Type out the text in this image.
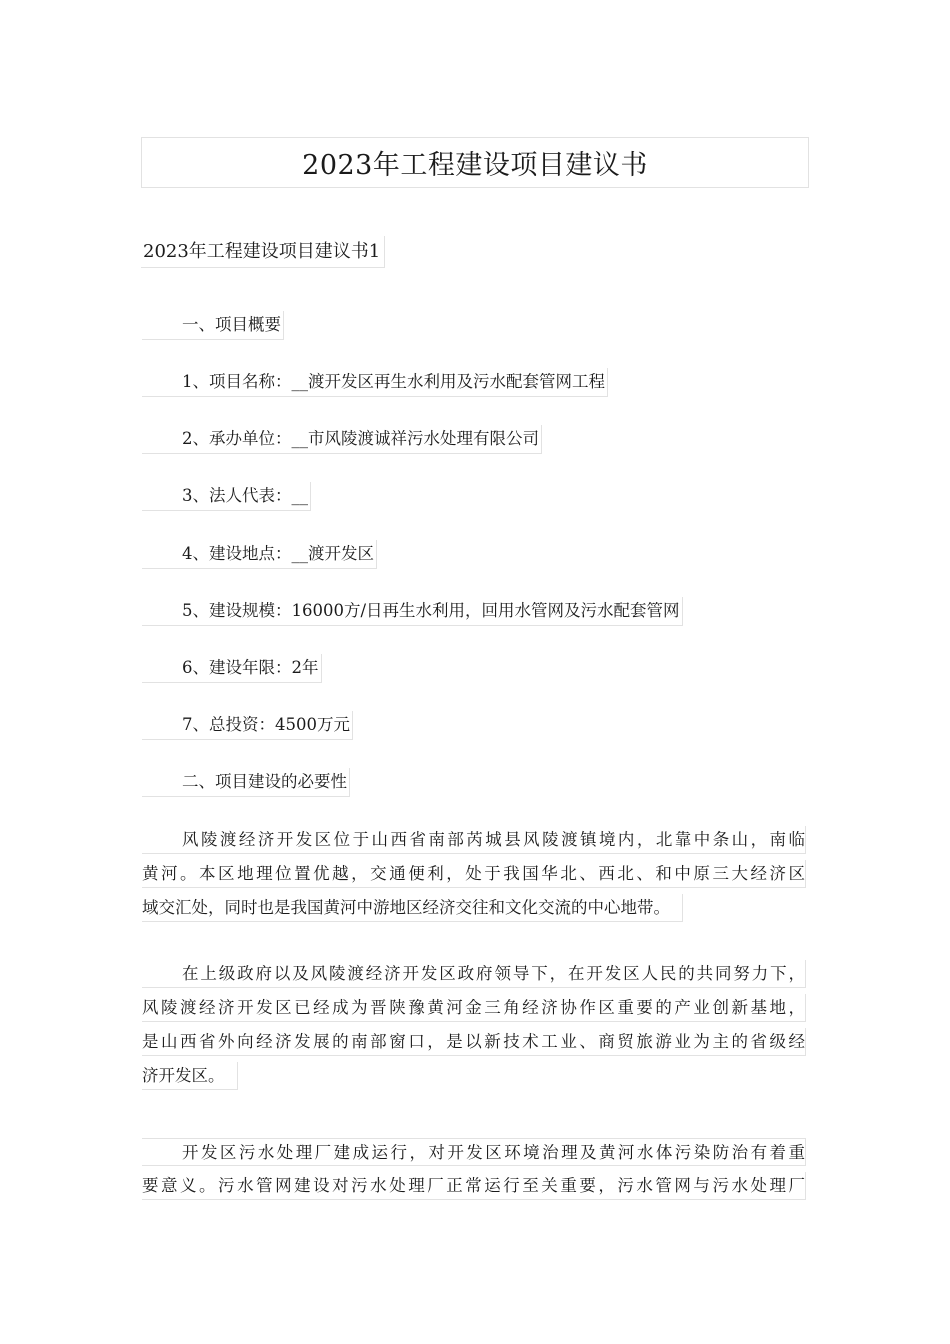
2023年工程建设项目建议书
2023年工程建设项目建议书1
一、项目概要
1、项目名称：__渡开发区再生水利用及污水配套管网工程
2、承办单位：__市风陵渡诚祥污水处理有限公司
3、法人代表：__
4、建设地点：__渡开发区
5、建设规模：16000方/日再生水利用，回用水管网及污水配套管网
6、建设年限：2年
7、总投资：4500万元
二、项目建设的必要性
风陵渡经济开发区位于山西省南部芮城县风陵渡镇境内，北靠中条山，南临
黄河。本区地理位置优越，交通便利，处于我国华北、西北、和中原三大经济区
域交汇处，同时也是我国黄河中游地区经济交往和文化交流的中心地带。
在上级政府以及风陵渡经济开发区政府领导下，在开发区人民的共同努力下，
风陵渡经济开发区已经成为晋陕豫黄河金三角经济协作区重要的产业创新基地，
是山西省外向经济发展的南部窗口，是以新技术工业、商贸旅游业为主的省级经
济开发区。
开发区污水处理厂建成运行，对开发区环境治理及黄河水体污染防治有着重
要意义。污水管网建设对污水处理厂正常运行至关重要，污水管网与污水处理厂
